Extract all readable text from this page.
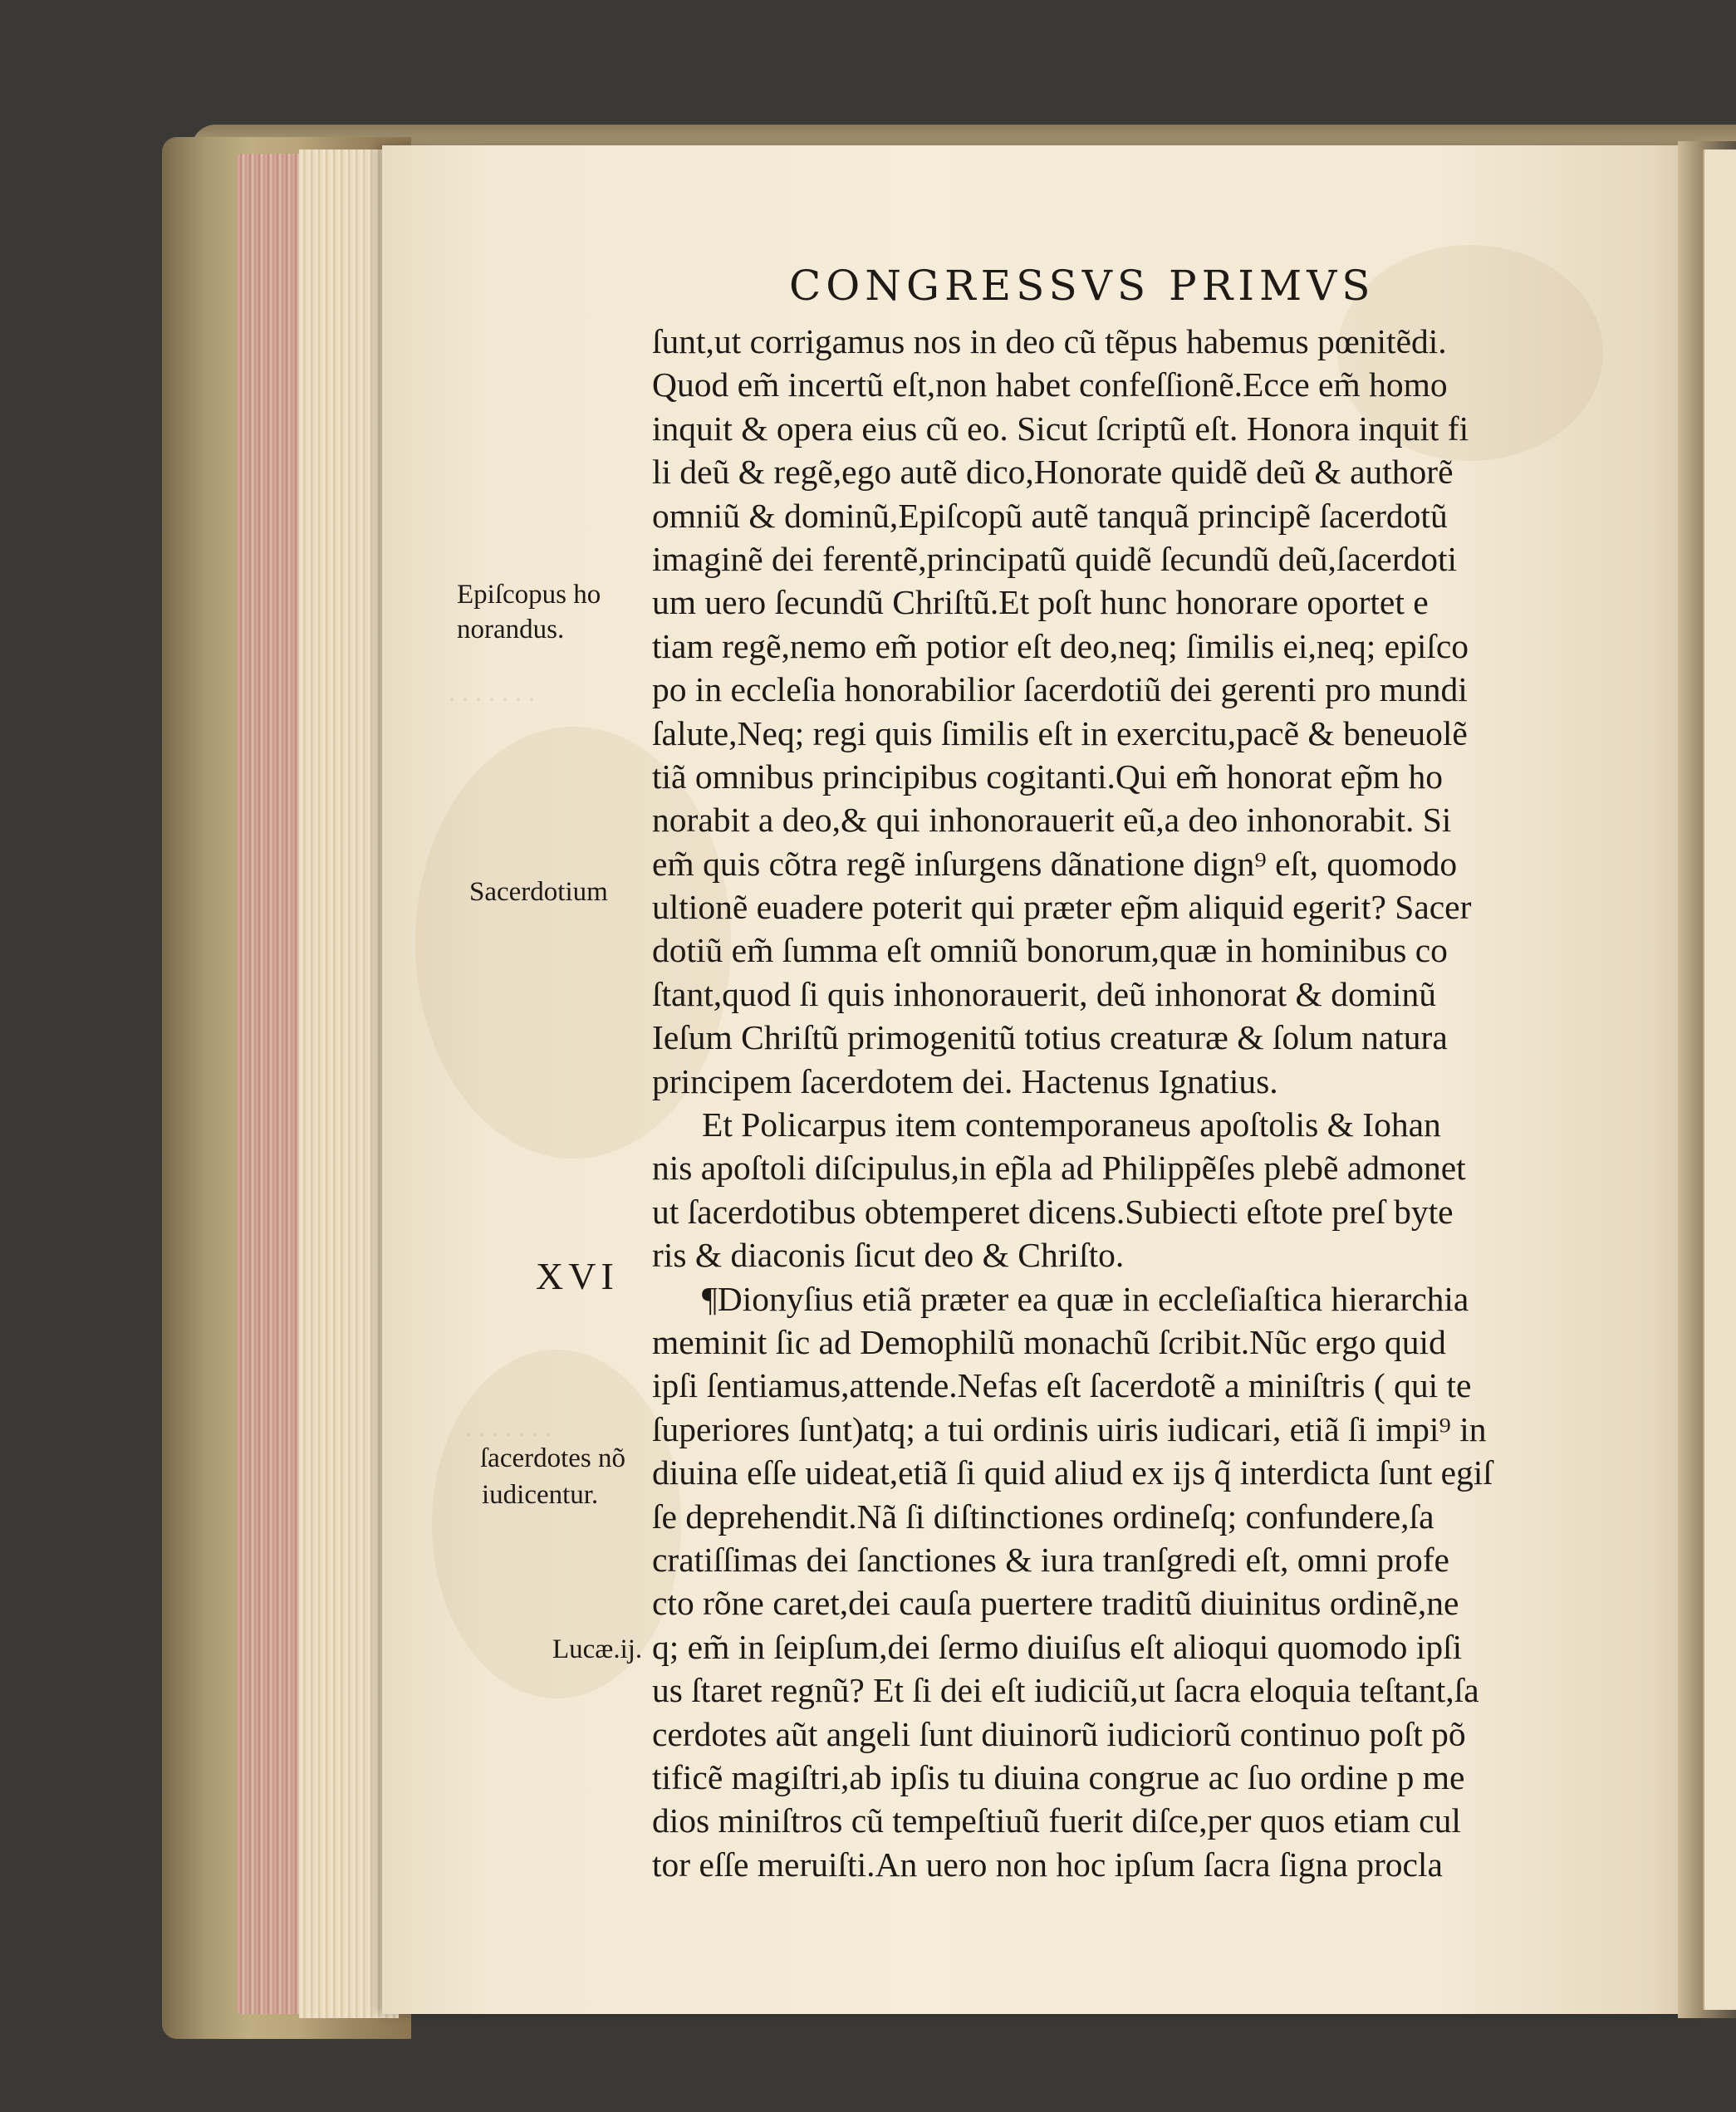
. . . . . . .
. . . . . . .
CONGRESSVS PRIMVS
ſunt,ut corrigamus nos in deo cũ tẽpus habemus pœnitẽdi.
Quod em̃ incertũ eſt,non habet confeſſionẽ.Ecce em̃ homo
inquit & opera eius cũ eo. Sicut ſcriptũ eſt. Honora inquit fi
li deũ & regẽ,ego autẽ dico,Honorate quidẽ deũ & authorẽ
omniũ & dominũ,Epiſcopũ autẽ tanquã principẽ ſacerdotũ
imaginẽ dei ferentẽ,principatũ quidẽ ſecundũ deũ,ſacerdoti
um uero ſecundũ Chriſtũ.Et poſt hunc honorare oportet e
tiam regẽ,nemo em̃ potior eſt deo,neq; ſimilis ei,neq; epiſco
po in eccleſia honorabilior ſacerdotiũ dei gerenti pro mundi
ſalute,Neq; regi quis ſimilis eſt in exercitu,pacẽ & beneuolẽ
tiã omnibus principibus cogitanti.Qui em̃ honorat ep̃m ho
norabit a deo,& qui inhonorauerit eũ,a deo inhonorabit. Si
em̃ quis cõtra regẽ inſurgens dãnatione dign⁹ eſt, quomodo
ultionẽ euadere poterit qui præter ep̃m aliquid egerit? Sacer
dotiũ em̃ ſumma eſt omniũ bonorum,quæ in hominibus co
ſtant,quod ſi quis inhonorauerit, deũ inhonorat & dominũ
Ieſum Chriſtũ primogenitũ totius creaturæ & ſolum natura
principem ſacerdotem dei. Hactenus Ignatius.
Et Policarpus item contemporaneus apoſtolis & Iohan
nis apoſtoli diſcipulus,in ep̃la ad Philippẽſes plebẽ admonet
ut ſacerdotibus obtemperet dicens.Subiecti eſtote preſ byte
ris & diaconis ſicut deo & Chriſto.
¶Dionyſius etiã præter ea quæ in eccleſiaſtica hierarchia
meminit ſic ad Demophilũ monachũ ſcribit.Nũc ergo quid
ipſi ſentiamus,attende.Nefas eſt ſacerdotẽ a miniſtris ( qui te
ſuperiores ſunt)atq; a tui ordinis uiris iudicari, etiã ſi impi⁹ in
diuina eſſe uideat,etiã ſi quid aliud ex ijs q̃ interdicta ſunt egiſ
ſe deprehendit.Nã ſi diſtinctiones ordineſq; confundere,ſa
cratiſſimas dei ſanctiones & iura tranſgredi eſt, omni profe
cto rõne caret,dei cauſa puertere traditũ diuinitus ordinẽ,ne
q; em̃ in ſeipſum,dei ſermo diuiſus eſt alioqui quomodo ipſi
us ſtaret regnũ? Et ſi dei eſt iudiciũ,ut ſacra eloquia teſtant,ſa
cerdotes aũt angeli ſunt diuinorũ iudiciorũ continuo poſt põ
tificẽ magiſtri,ab ipſis tu diuina congrue ac ſuo ordine p me
dios miniſtros cũ tempeſtiuũ fuerit diſce,per quos etiam cul
tor eſſe meruiſti.An uero non hoc ipſum ſacra ſigna procla
Epiſcopus ho
norandus.
Sacerdotium
XVI
ſacerdotes nõ
iudicentur.
Lucæ.ij.
